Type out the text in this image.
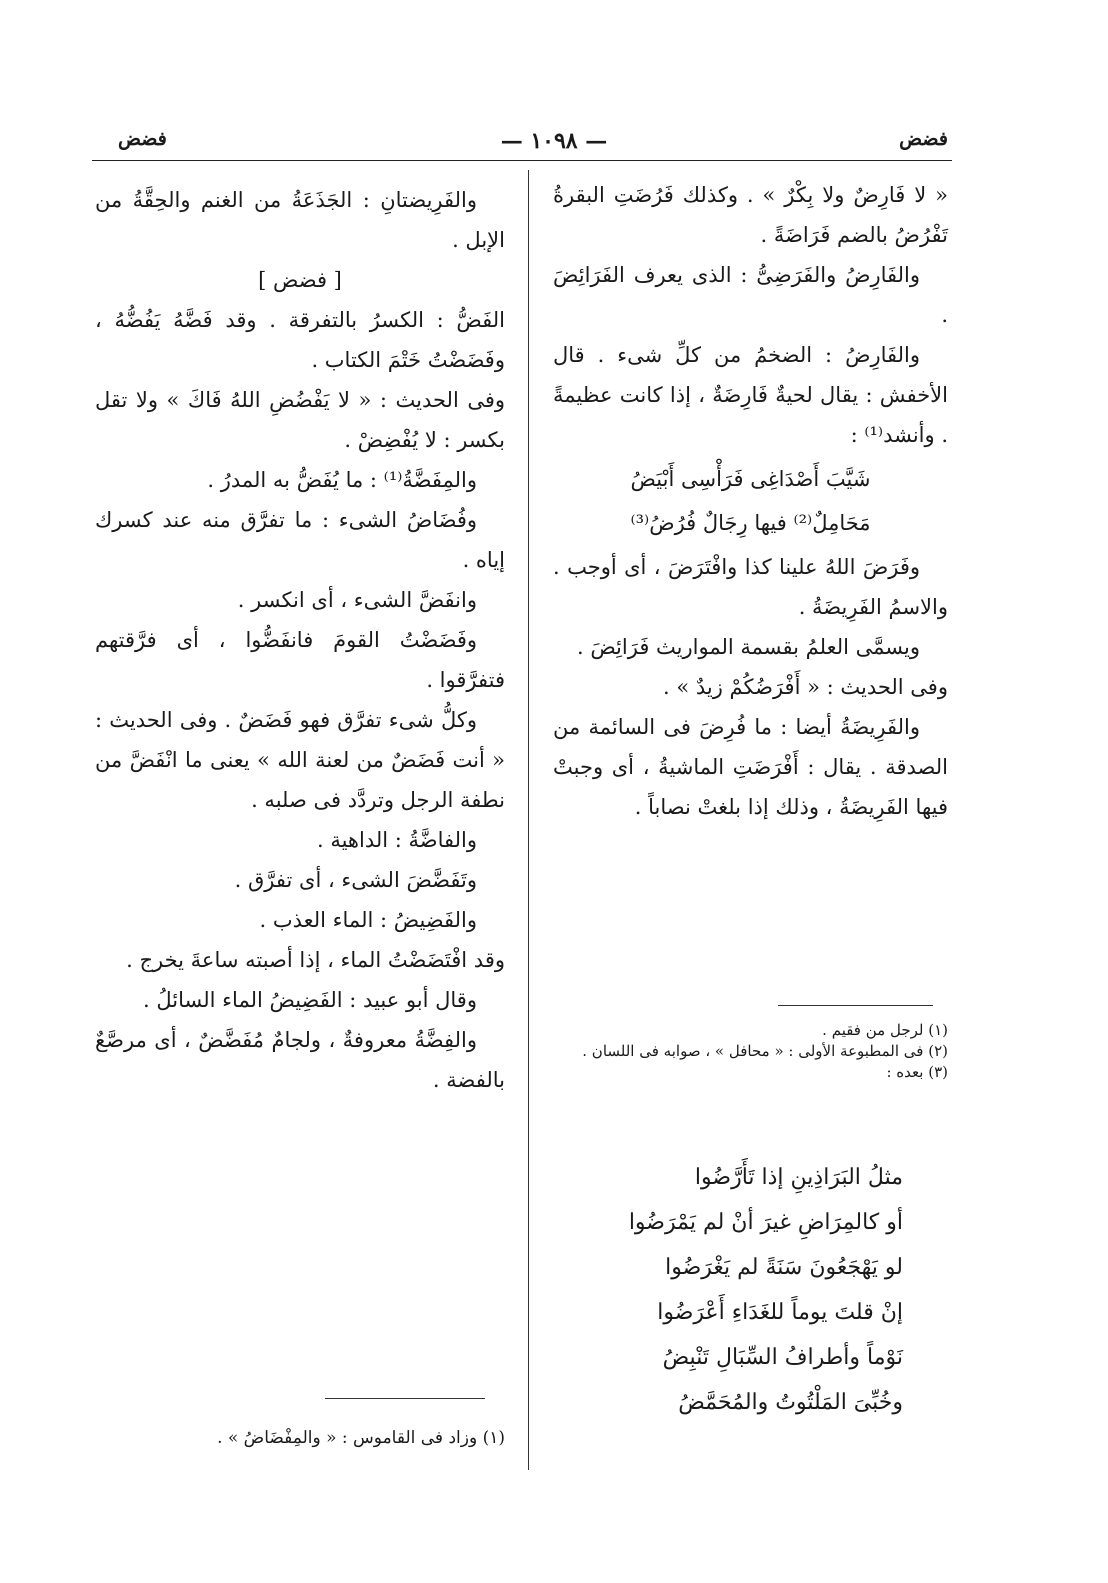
فضض
— ١٠٩٨ —
فضض

« لا فَارِضٌ ولا بِكْرٌ » . وكذلك فَرُضَتِ البقرةُ تَفْرُضُ بالضم فَرَاضَةً .

والفَارِضُ والفَرَضِىُّ : الذى يعرف الفَرَائِضَ .

والفَارِضُ : الضخمُ من كلِّ شىء . قال الأخفش : يقال لحيةٌ فَارِضَةٌ ، إذا كانت عظيمةً . وأنشد⁽¹⁾ :

شَيَّبَ أَصْدَاغِى فَرَأْسِى أَبْيَضُ
مَحَامِلٌ⁽²⁾ فيها رِجَالٌ فُرُضُ⁽³⁾

وفَرَضَ اللهُ علينا كذا وافْتَرَضَ ، أى أوجب . والاسمُ الفَرِيضَةُ .

ويسمَّى العلمُ بقسمة المواريث فَرَائِضَ .

وفى الحديث : « أَفْرَضُكُمْ زيدٌ » .

والفَرِيضَةُ أيضا : ما فُرِضَ فى السائمة من الصدقة . يقال : أَفْرَضَتِ الماشيةُ ، أى وجبتْ فيها الفَرِيضَةُ ، وذلك إذا بلغتْ نصاباً .

(١) لرجل من فقيم .

(٢) فى المطبوعة الأولى : « محافل » ، صوابه فى اللسان .

(٣) بعده :

مثلُ البَرَاذِينِ إذا تَأَرَّضُوا

أو كالمِرَاضِ غيرَ أنْ لم يَمْرَضُوا

لو يَهْجَعُونَ سَنَةً لم يَغْرَضُوا

إنْ قلتَ يوماً للغَدَاءِ أَعْرَضُوا

نَوْماً وأطرافُ السِّبَالِ تَنْبِضُ

وخُبِّىَ المَلْتُوتُ والمُحَمَّضُ

والفَرِيضتانِ : الجَذَعَةُ من الغنم والحِقَّةُ من الإبل .

[ فضض ]

الفَضُّ : الكسرُ بالتفرقة . وقد فَضَّهُ يَفُضُّهُ ، وفَضَضْتُ خَتْمَ الكتاب .

وفى الحديث : « لا يَفْضُضِ اللهُ فَاكَ » ولا تقل بكسر : لا يُفْضِضْ .

والمِفَضَّةُ⁽¹⁾ : ما يُفَضُّ به المدرُ .

وفُضَاضُ الشىء : ما تفرَّق منه عند كسرك إياه .

وانفَضَّ الشىء ، أى انكسر .

وفَضَضْتُ القومَ فانفَضُّوا ، أى فرَّقتهم فتفرَّقوا .

وكلُّ شىء تفرَّق فهو فَضَضٌ . وفى الحديث : « أنت فَضَضٌ من لعنة الله » يعنى ما انْفَضَّ من نطفة الرجل وتردَّد فى صلبه .

والفاضَّةُ : الداهية .

وتَفَضَّضَ الشىء ، أى تفرَّق .

والفَضِيضُ : الماء العذب .

وقد افْتَضَضْتُ الماء ، إذا أصبته ساعةَ يخرج .

وقال أبو عبيد : الفَضِيضُ الماء السائلُ .

والفِضَّةُ معروفةٌ ، ولجامٌ مُفَضَّضٌ ، أى مرصَّعٌ بالفضة .

(١) وزاد فى القاموس : « والمِفْضَاضُ » .
